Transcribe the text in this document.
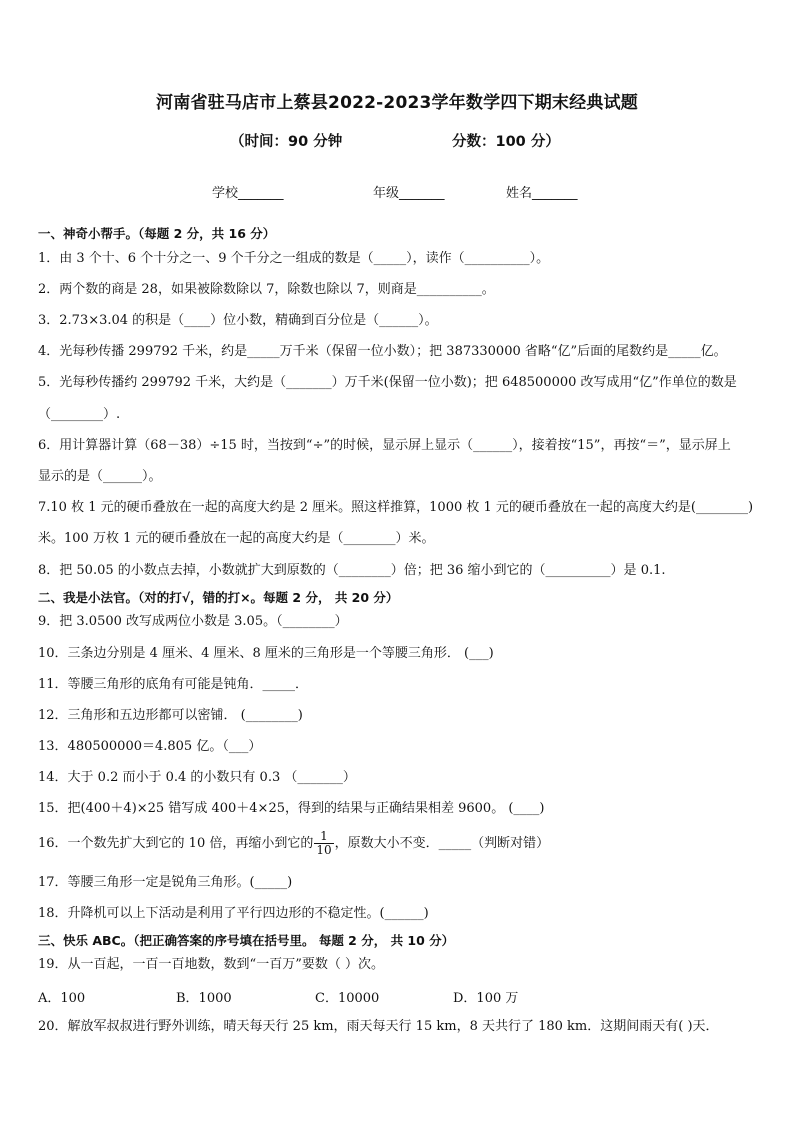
河南省驻马店市上蔡县2022-2023学年数学四下期末经典试题
（时间：90 分钟	分数：100 分）
学校_______	年级_______	姓名_______
一、神奇小帮手。（每题 2 分，共 16 分）
1．由 3 个十、6 个十分之一、9 个千分之一组成的数是（_____），读作（__________）。
2．两个数的商是 28，如果被除数除以 7，除数也除以 7，则商是__________。
3．2.73×3.04 的积是（____）位小数，精确到百分位是（______）。
4．光每秒传播 299792 千米，约是_____万千米（保留一位小数）；把 387330000 省略“亿”后面的尾数约是_____亿。
5．光每秒传播约 299792 千米，大约是（_______）万千米(保留一位小数)；把 648500000 改写成用“亿”作单位的数是
（________）.
6．用计算器计算（68－38）÷15 时，当按到“÷”的时候，显示屏上显示（______），接着按“15”，再按“＝”，显示屏上
显示的是（______）。
7.10 枚 1 元的硬币叠放在一起的高度大约是 2 厘米。照这样推算，1000 枚 1 元的硬币叠放在一起的高度大约是(________)
米。100 万枚 1 元的硬币叠放在一起的高度大约是（________）米。
8．把 50.05 的小数点去掉，小数就扩大到原数的（________）倍；把 36 缩小到它的（__________）是 0.1.
二、我是小法官。（对的打√，错的打×。每题 2 分， 共 20 分）
9．把 3.0500 改写成两位小数是 3.05。（________）
10．三条边分别是 4 厘米、4 厘米、8 厘米的三角形是一个等腰三角形． (___)
11．等腰三角形的底角有可能是钝角．_____．
12．三角形和五边形都可以密铺． (________)
13．480500000＝4.805 亿。（___）
14．大于 0.2 而小于 0.4 的小数只有 0.3 （_______）
15．把(400＋4)×25 错写成 400＋4×25，得到的结果与正确结果相差 9600。 (____)
16．一个数先扩大到它的 10 倍，再缩小到它的 $\frac{1}{10}$ ，原数大小不变．_____（判断对错）
17．等腰三角形一定是锐角三角形。(_____)
18．升降机可以上下活动是利用了平行四边形的不稳定性。(______)
三、快乐 ABC。（把正确答案的序号填在括号里。 每题 2 分， 共 10 分）
19．从一百起，一百一百地数，数到“一百万”要数（ ）次。
A．100	B．1000	C．10000	D．100 万
20．解放军叔叔进行野外训练，晴天每天行 25 km，雨天每天行 15 km，8 天共行了 180 km．这期间雨天有( )天．
